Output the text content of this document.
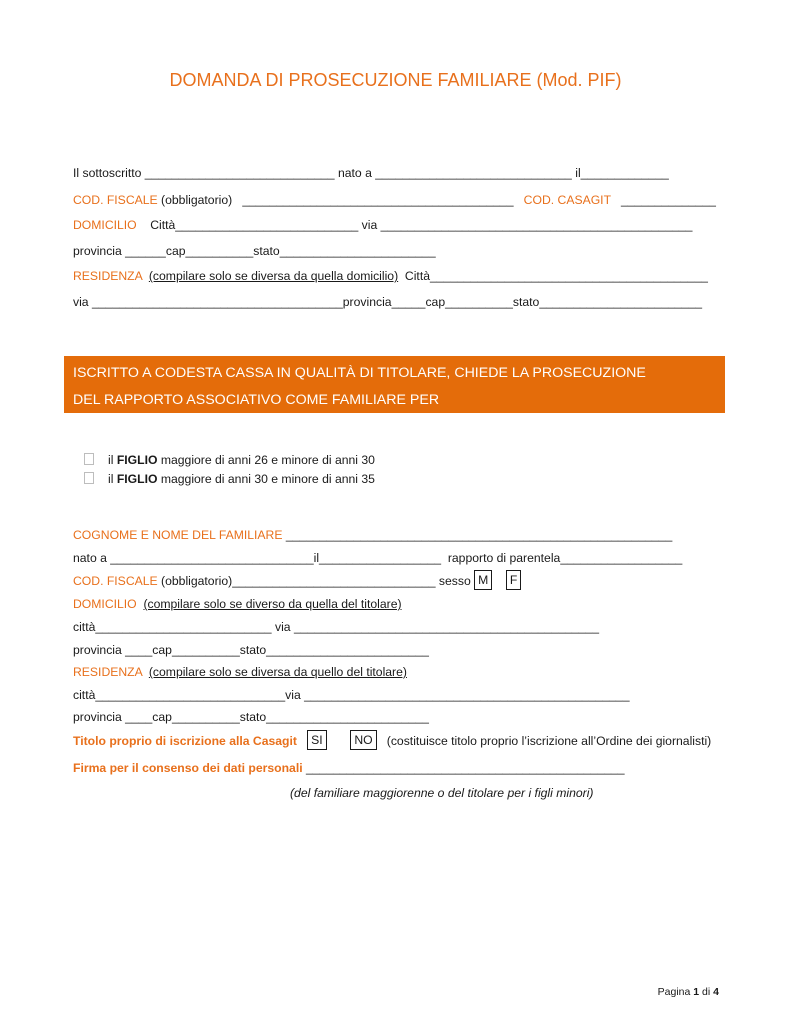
DOMANDA DI PROSECUZIONE FAMILIARE (Mod. PIF)
Il sottoscritto ____________________________ nato a _____________________________ il_____________
COD. FISCALE (obbligatorio) ________________________________________ COD. CASAGIT ______________
DOMICILIO Città___________________________ via ______________________________________________
provincia ______cap__________stato_______________________
RESIDENZA (compilare solo se diversa da quella domicilio) Città_________________________________________
via _____________________________________provincia_____cap__________stato________________________
ISCRITTO A CODESTA CASSA IN QUALITÀ DI TITOLARE, CHIEDE LA PROSECUZIONE
DEL RAPPORTO ASSOCIATIVO COME FAMILIARE PER
il FIGLIO maggiore di anni 26 e minore di anni 30
il FIGLIO maggiore di anni 30 e minore di anni 35
COGNOME E NOME DEL FAMILIARE _________________________________________________________
nato a ______________________________il__________________ rapporto di parentela__________________
COD. FISCALE (obbligatorio)______________________________ sesso M F
DOMICILIO (compilare solo se diverso da quella del titolare)
città__________________________ via _____________________________________________
provincia ____cap__________stato________________________
RESIDENZA (compilare solo se diversa da quello del titolare)
città____________________________via ________________________________________________
provincia ____cap__________stato________________________
Titolo proprio di iscrizione alla Casagit SI	NO (costituisce titolo proprio l’iscrizione all’Ordine dei giornalisti)
Firma per il consenso dei dati personali _______________________________________________
(del familiare maggiorenne o del titolare per i figli minori)
Pagina 1 di 4
